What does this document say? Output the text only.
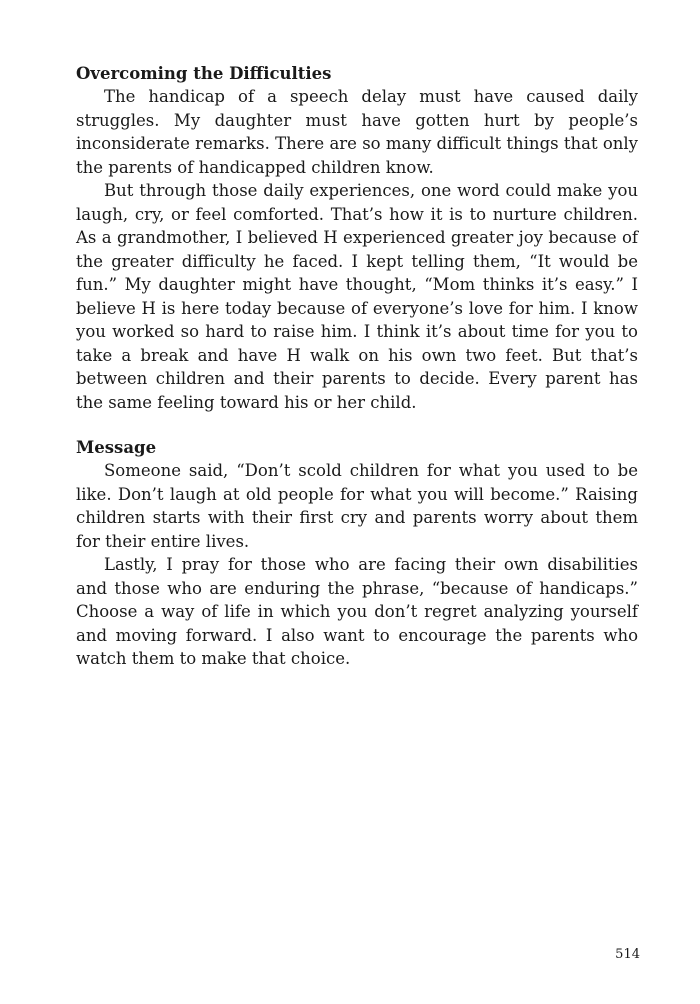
Overcoming the Difficulties

The handicap of a speech delay must have caused daily struggles. My daughter must have gotten hurt by people’s inconsiderate remarks. There are so many difficult things that only the parents of handicapped children know.

But through those daily experiences, one word could make you laugh, cry, or feel comforted. That’s how it is to nurture children. As a grandmother, I believed H experienced greater joy because of the greater difficulty he faced. I kept telling them, “It would be fun.” My daughter might have thought, “Mom thinks it’s easy.” I believe H is here today because of everyone’s love for him. I know you worked so hard to raise him. I think it’s about time for you to take a break and have H walk on his own two feet. But that’s between children and their parents to decide. Every parent has the same feeling toward his or her child.

Message

Someone said, “Don’t scold children for what you used to be like. Don’t laugh at old people for what you will become.” Raising children starts with their first cry and parents worry about them for their entire lives.

Lastly, I pray for those who are facing their own disabilities and those who are enduring the phrase, “because of handicaps.” Choose a way of life in which you don’t regret analyzing yourself and moving forward. I also want to encourage the parents who watch them to make that choice.

514
